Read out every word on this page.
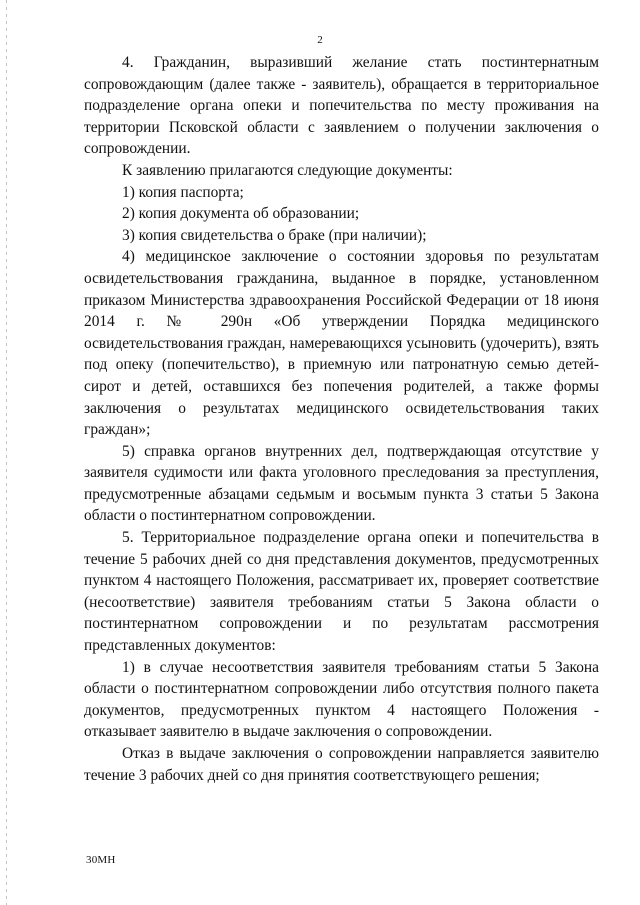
2

4. Гражданин, выразивший желание стать постинтернатным сопровождающим (далее также - заявитель), обращается в территориальное подразделение органа опеки и попечительства по месту проживания на территории Псковской области с заявлением о получении заключения о сопровождении.

К заявлению прилагаются следующие документы:

1) копия паспорта;

2) копия документа об образовании;

3) копия свидетельства о браке (при наличии);

4) медицинское заключение о состоянии здоровья по результатам освидетельствования гражданина, выданное в порядке, установленном приказом Министерства здравоохранения Российской Федерации от 18 июня 2014 г. № 290н «Об утверждении Порядка медицинского освидетельствования граждан, намеревающихся усыновить (удочерить), взять под опеку (попечительство), в приемную или патронатную семью детей-сирот и детей, оставшихся без попечения родителей, а также формы заключения о результатах медицинского освидетельствования таких граждан»;

5) справка органов внутренних дел, подтверждающая отсутствие у заявителя судимости или факта уголовного преследования за преступления, предусмотренные абзацами седьмым и восьмым пункта 3 статьи 5 Закона области о постинтернатном сопровождении.

5. Территориальное подразделение органа опеки и попечительства в течение 5 рабочих дней со дня представления документов, предусмотренных пунктом 4 настоящего Положения, рассматривает их, проверяет соответствие (несоответствие) заявителя требованиям статьи 5 Закона области о постинтернатном сопровождении и по результатам рассмотрения представленных документов:

1) в случае несоответствия заявителя требованиям статьи 5 Закона области о постинтернатном сопровождении либо отсутствия полного пакета документов, предусмотренных пунктом 4 настоящего Положения - отказывает заявителю в выдаче заключения о сопровождении.

Отказ в выдаче заключения о сопровождении направляется заявителю течение 3 рабочих дней со дня принятия соответствующего решения;

30МН
